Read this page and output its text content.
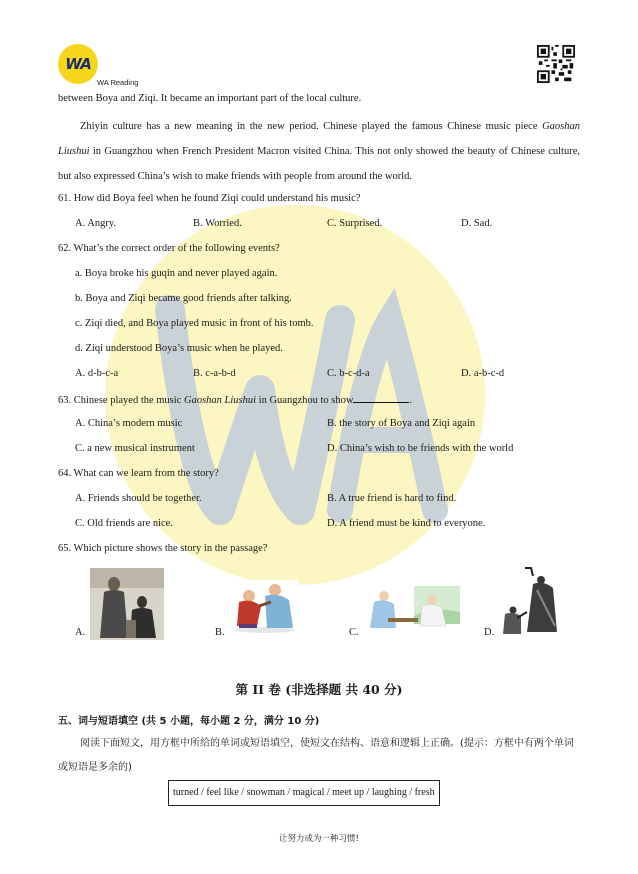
WA
WA Reading
between Boya and Ziqi. It became an important part of the local culture.
Zhiyin culture has a new meaning in the new period. Chinese played the famous Chinese music piece Gaoshan Liushui in Guangzhou when French President Macron visited China. This not only showed the beauty of Chinese culture, but also expressed China’s wish to make friends with people from around the world.
61. How did Boya feel when he found Ziqi could understand his music?
A. Angry.	B. Worried.	C. Surprised.	D. Sad.
62. What’s the correct order of the following events?
a. Boya broke his guqin and never played again.
b. Boya and Ziqi became good friends after talking.
c. Ziqi died, and Boya played music in front of his tomb.
d. Ziqi understood Boya’s music when he played.
A. d-b-c-a	B. c-a-b-d	C. b-c-d-a	D. a-b-c-d
63. Chinese played the music Gaoshan Liushui in Guangzhou to show	.
A. China’s modern music	B. the story of Boya and Ziqi again
C. a new musical instrument	D. China’s wish to be friends with the world
64. What can we learn from the story?
A. Friends should be together.	B. A true friend is hard to find.
C. Old friends are nice.	D. A friend must be kind to everyone.
65. Which picture shows the story in the passage?
A.	B.	C.	D.
第 II 卷 (非选择题 共 40 分)
五、词与短语填空 (共 5 小题，每小题 2 分，满分 10 分)
阅读下面短文，用方框中所给的单词或短语填空，使短文在结构、语意和逻辑上正确。(提示：方框中有两个单词或短语是多余的)
turned / feel like / snowman / magical / meet up / laughing / fresh
让努力成为一种习惯!
